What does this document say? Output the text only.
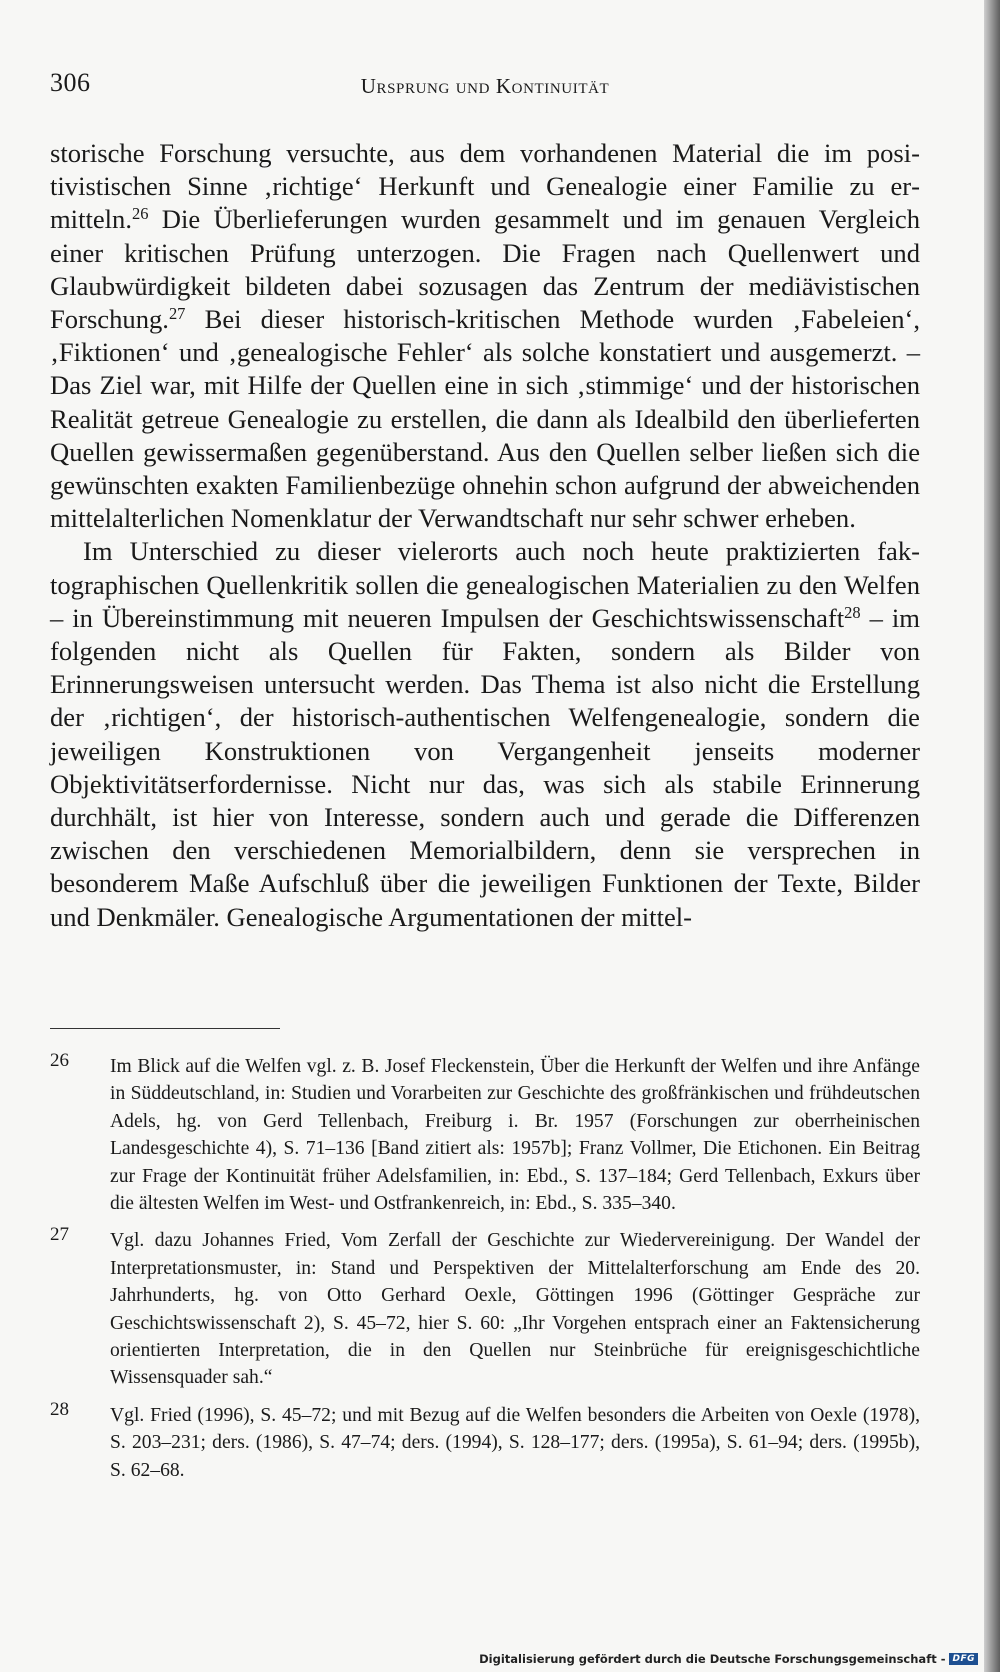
306	Ursprung und Kontinuität

storische Forschung versuchte, aus dem vorhandenen Material die im positivistischen Sinne ‚richtige‘ Herkunft und Genealogie einer Familie zu ermitteln.$^{26}$ Die Überlieferungen wurden gesammelt und im genauen Vergleich einer kritischen Prüfung unterzogen. Die Fragen nach Quellenwert und Glaubwürdigkeit bildeten dabei sozusagen das Zentrum der mediävistischen Forschung.$^{27}$ Bei dieser historisch-kritischen Methode wurden ‚Fabeleien‘, ‚Fiktionen‘ und ‚genealogische Fehler‘ als solche konstatiert und ausgemerzt. – Das Ziel war, mit Hilfe der Quellen eine in sich ‚stimmige‘ und der historischen Realität getreue Genealogie zu erstellen, die dann als Idealbild den überlieferten Quellen gewissermaßen gegenüberstand. Aus den Quellen selber ließen sich die gewünschten exakten Familienbezüge ohnehin schon aufgrund der abweichenden mittelalterlichen Nomenklatur der Verwandtschaft nur sehr schwer erheben.

Im Unterschied zu dieser vielerorts auch noch heute praktizierten faktographischen Quellenkritik sollen die genealogischen Materialien zu den Welfen – in Übereinstimmung mit neueren Impulsen der Geschichtswissenschaft$^{28}$ – im folgenden nicht als Quellen für Fakten, sondern als Bilder von Erinnerungsweisen untersucht werden. Das Thema ist also nicht die Erstellung der ‚richtigen‘, der historisch-authentischen Welfengenealogie, sondern die jeweiligen Konstruktionen von Vergangenheit jenseits moderner Objektivitätserfordernisse. Nicht nur das, was sich als stabile Erinnerung durchhält, ist hier von Interesse, sondern auch und gerade die Differenzen zwischen den verschiedenen Memorialbildern, denn sie versprechen in besonderem Maße Aufschluß über die jeweiligen Funktionen der Texte, Bilder und Denkmäler. Genealogische Argumentationen der mittel-

26	Im Blick auf die Welfen vgl. z. B. Josef Fleckenstein, Über die Herkunft der Welfen und ihre Anfänge in Süddeutschland, in: Studien und Vorarbeiten zur Geschichte des großfränkischen und frühdeutschen Adels, hg. von Gerd Tellenbach, Freiburg i. Br. 1957 (Forschungen zur oberrheinischen Landesgeschichte 4), S. 71–136 [Band zitiert als: 1957b]; Franz Vollmer, Die Etichonen. Ein Beitrag zur Frage der Kontinuität früher Adelsfamilien, in: Ebd., S. 137–184; Gerd Tellenbach, Exkurs über die ältesten Welfen im West- und Ostfrankenreich, in: Ebd., S. 335–340.
27	Vgl. dazu Johannes Fried, Vom Zerfall der Geschichte zur Wiedervereinigung. Der Wandel der Interpretationsmuster, in: Stand und Perspektiven der Mittelalterforschung am Ende des 20. Jahrhunderts, hg. von Otto Gerhard Oexle, Göttingen 1996 (Göttinger Gespräche zur Geschichtswissenschaft 2), S. 45–72, hier S. 60: „Ihr Vorgehen entsprach einer an Faktensicherung orientierten Interpretation, die in den Quellen nur Steinbrüche für ereignisgeschichtliche Wissensquader sah.“
28	Vgl. Fried (1996), S. 45–72; und mit Bezug auf die Welfen besonders die Arbeiten von Oexle (1978), S. 203–231; ders. (1986), S. 47–74; ders. (1994), S. 128–177; ders. (1995a), S. 61–94; ders. (1995b), S. 62–68.
Digitalisierung gefördert durch die Deutsche Forschungsgemeinschaft - DFG
